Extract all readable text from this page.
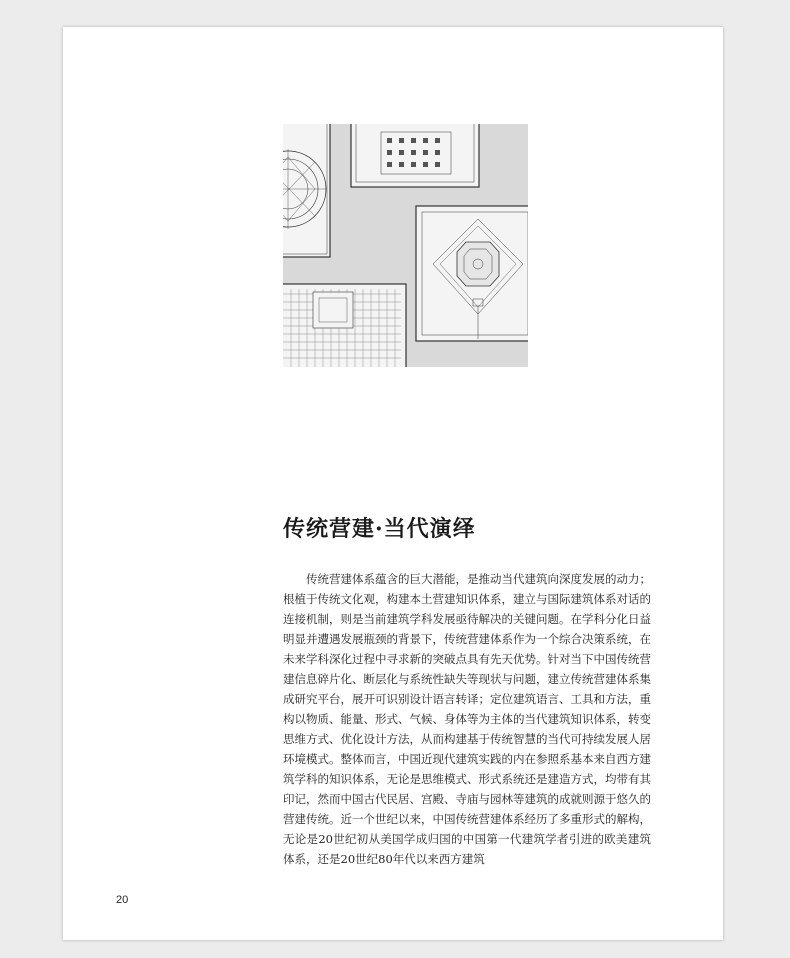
传统营建·当代演绎

传统营建体系蕴含的巨大潜能，是推动当代建筑向深度发展的动力；根植于传统文化观，构建本土营建知识体系，建立与国际建筑体系对话的连接机制，则是当前建筑学科发展亟待解决的关键问题。在学科分化日益明显并遭遇发展瓶颈的背景下，传统营建体系作为一个综合决策系统，在未来学科深化过程中寻求新的突破点具有先天优势。针对当下中国传统营建信息碎片化、断层化与系统性缺失等现状与问题，建立传统营建体系集成研究平台，展开可识别设计语言转译；定位建筑语言、工具和方法，重构以物质、能量、形式、气候、身体等为主体的当代建筑知识体系，转变思维方式、优化设计方法，从而构建基于传统智慧的当代可持续发展人居环境模式。整体而言，中国近现代建筑实践的内在参照系基本来自西方建筑学科的知识体系，无论是思维模式、形式系统还是建造方式，均带有其印记，然而中国古代民居、宫殿、寺庙与园林等建筑的成就则源于悠久的营建传统。近一个世纪以来，中国传统营建体系经历了多重形式的解构，无论是20世纪初从美国学成归国的中国第一代建筑学者引进的欧美建筑体系，还是20世纪80年代以来西方建筑

20
